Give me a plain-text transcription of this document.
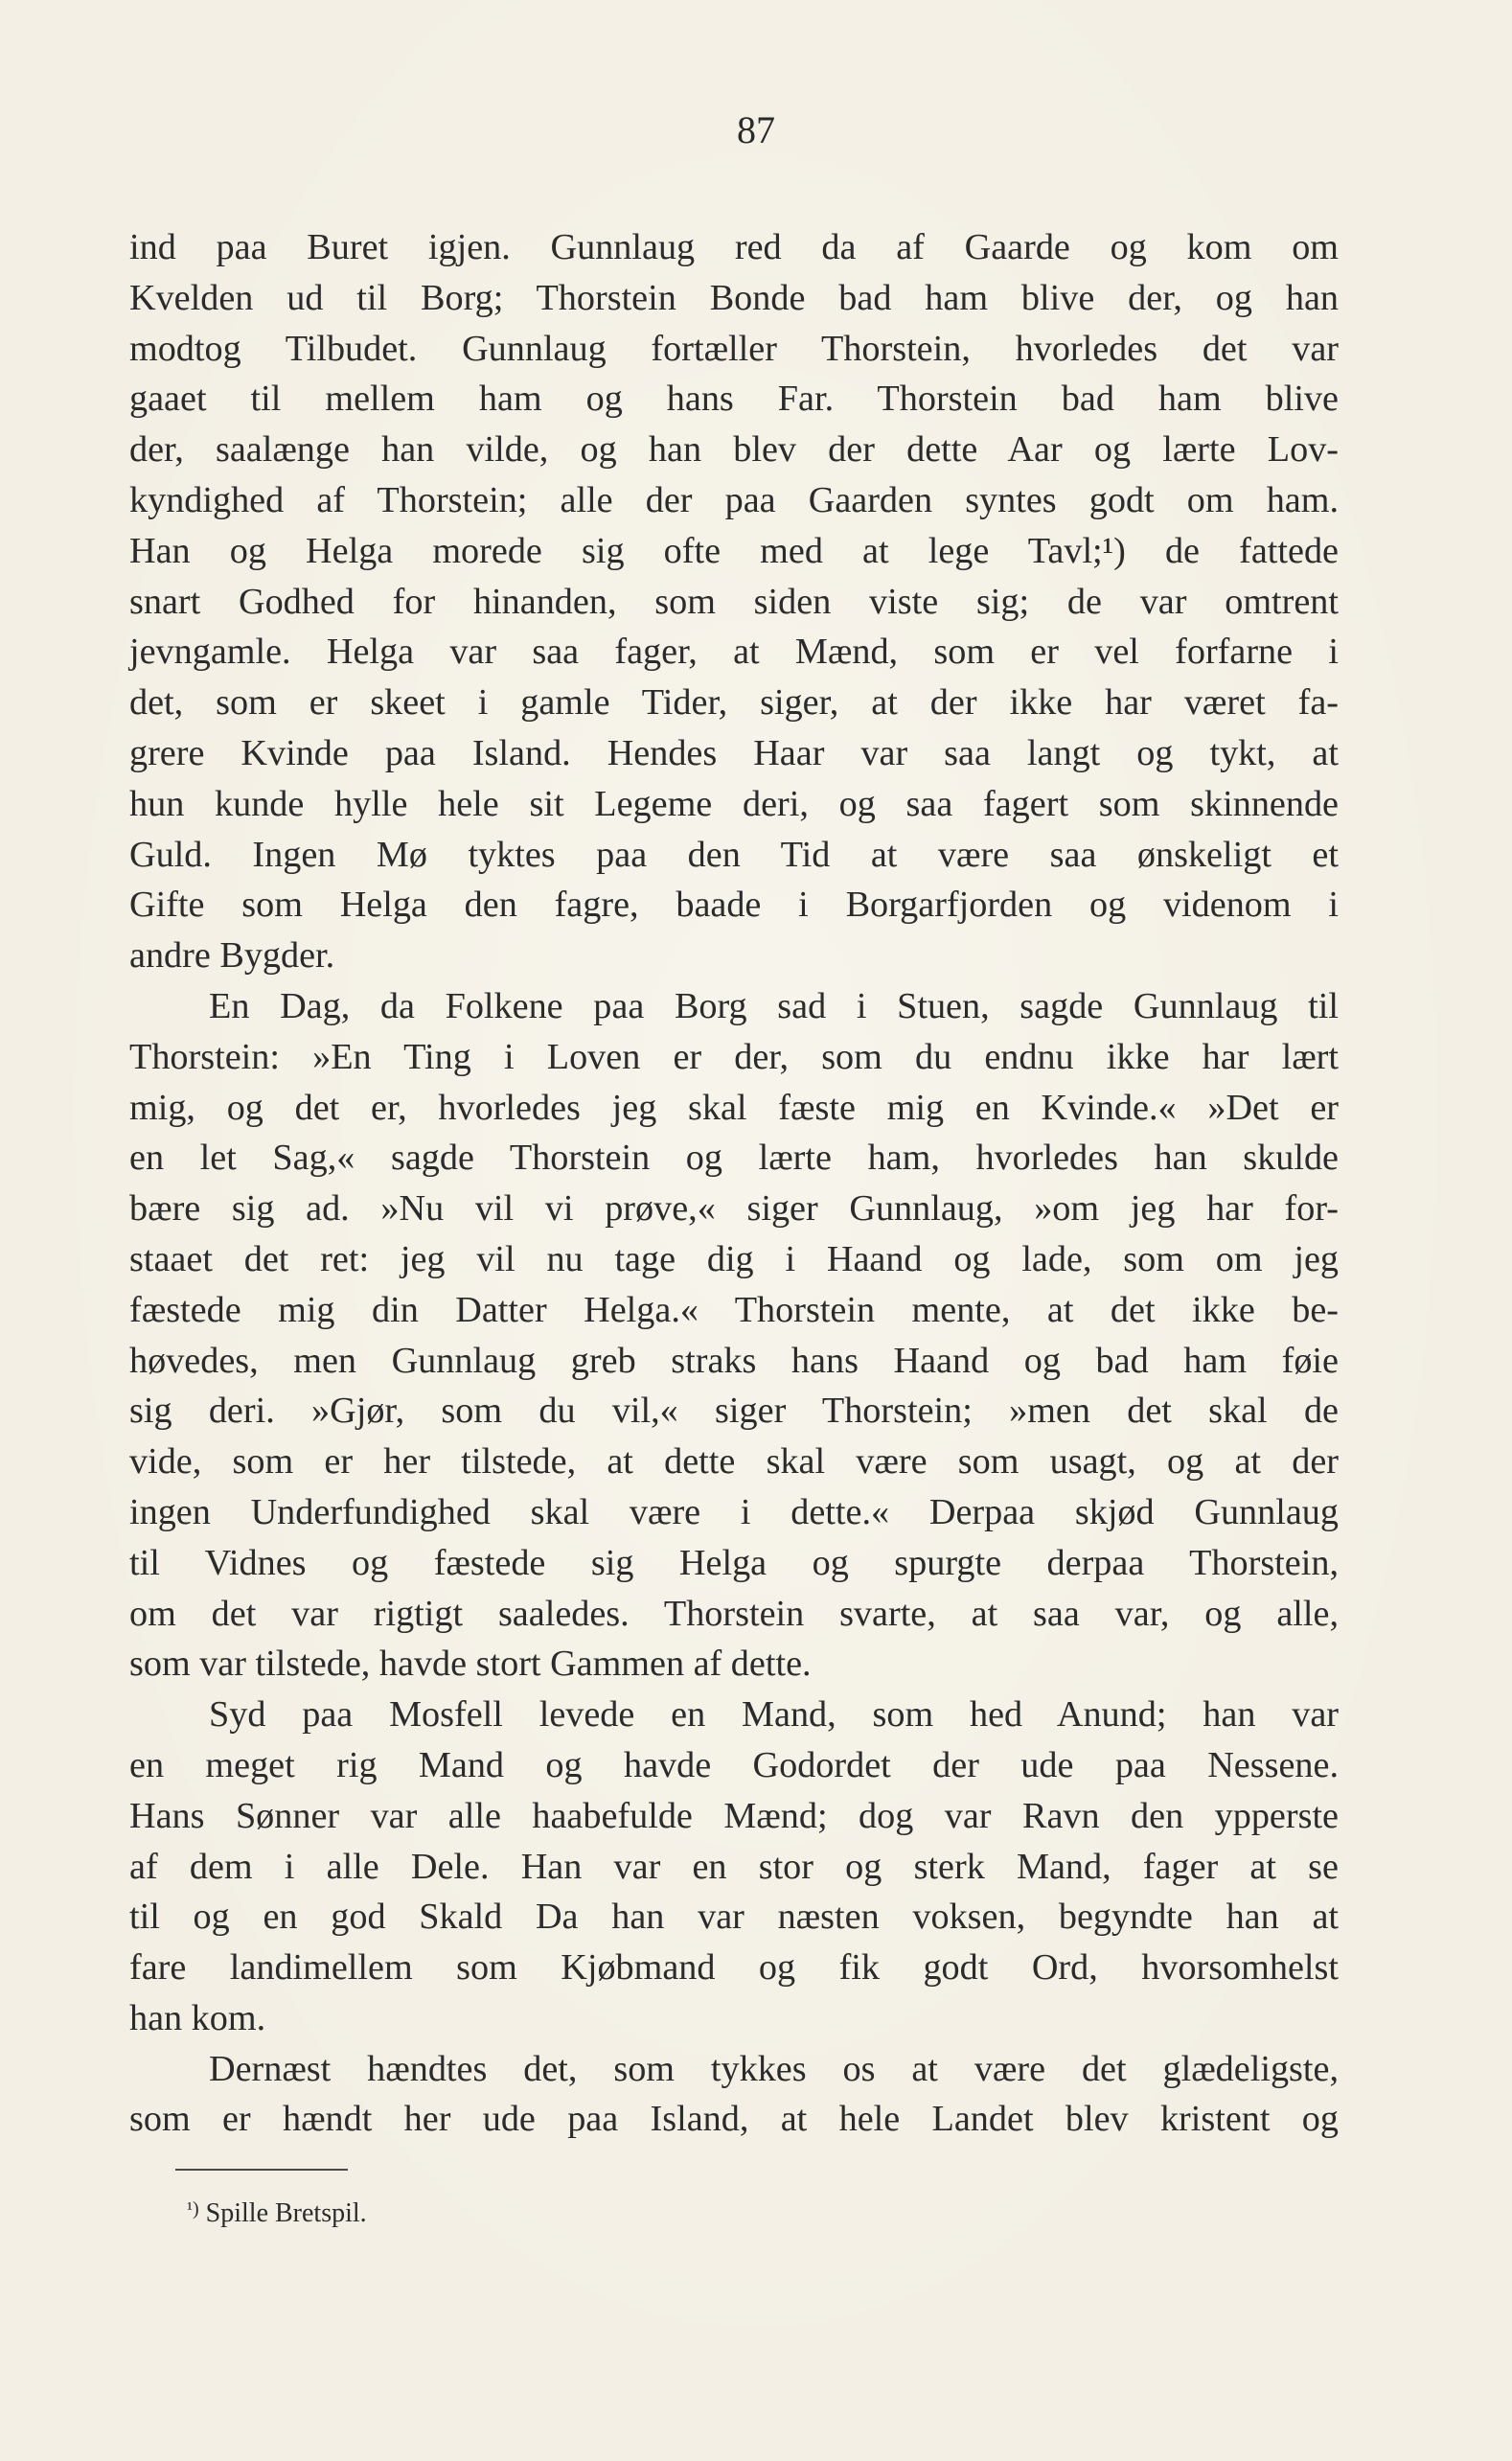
87

ind paa Buret igjen. Gunnlaug red da af Gaarde og kom om
Kvelden ud til Borg; Thorstein Bonde bad ham blive der, og han
modtog Tilbudet. Gunnlaug fortæller Thorstein, hvorledes det var
gaaet til mellem ham og hans Far. Thorstein bad ham blive
der, saalænge han vilde, og han blev der dette Aar og lærte Lov-
kyndighed af Thorstein; alle der paa Gaarden syntes godt om ham.
Han og Helga morede sig ofte med at lege Tavl;¹) de fattede
snart Godhed for hinanden, som siden viste sig; de var omtrent
jevngamle. Helga var saa fager, at Mænd, som er vel forfarne i
det, som er skeet i gamle Tider, siger, at der ikke har været fa-
grere Kvinde paa Island. Hendes Haar var saa langt og tykt, at
hun kunde hylle hele sit Legeme deri, og saa fagert som skinnende
Guld. Ingen Mø tyktes paa den Tid at være saa ønskeligt et
Gifte som Helga den fagre, baade i Borgarfjorden og videnom i
andre Bygder.
En Dag, da Folkene paa Borg sad i Stuen, sagde Gunnlaug til
Thorstein: »En Ting i Loven er der, som du endnu ikke har lært
mig, og det er, hvorledes jeg skal fæste mig en Kvinde.« »Det er
en let Sag,« sagde Thorstein og lærte ham, hvorledes han skulde
bære sig ad. »Nu vil vi prøve,« siger Gunnlaug, »om jeg har for-
staaet det ret: jeg vil nu tage dig i Haand og lade, som om jeg
fæstede mig din Datter Helga.« Thorstein mente, at det ikke be-
høvedes, men Gunnlaug greb straks hans Haand og bad ham føie
sig deri. »Gjør, som du vil,« siger Thorstein; »men det skal de
vide, som er her tilstede, at dette skal være som usagt, og at der
ingen Underfundighed skal være i dette.« Derpaa skjød Gunnlaug
til Vidnes og fæstede sig Helga og spurgte derpaa Thorstein,
om det var rigtigt saaledes. Thorstein svarte, at saa var, og alle,
som var tilstede, havde stort Gammen af dette.
Syd paa Mosfell levede en Mand, som hed Anund; han var
en meget rig Mand og havde Godordet der ude paa Nessene.
Hans Sønner var alle haabefulde Mænd; dog var Ravn den ypperste
af dem i alle Dele. Han var en stor og sterk Mand, fager at se
til og en god Skald Da han var næsten voksen, begyndte han at
fare landimellem som Kjøbmand og fik godt Ord, hvorsomhelst
han kom.
Dernæst hændtes det, som tykkes os at være det glædeligste,
som er hændt her ude paa Island, at hele Landet blev kristent og

$^{^1)}$ Spille Bretspil.
